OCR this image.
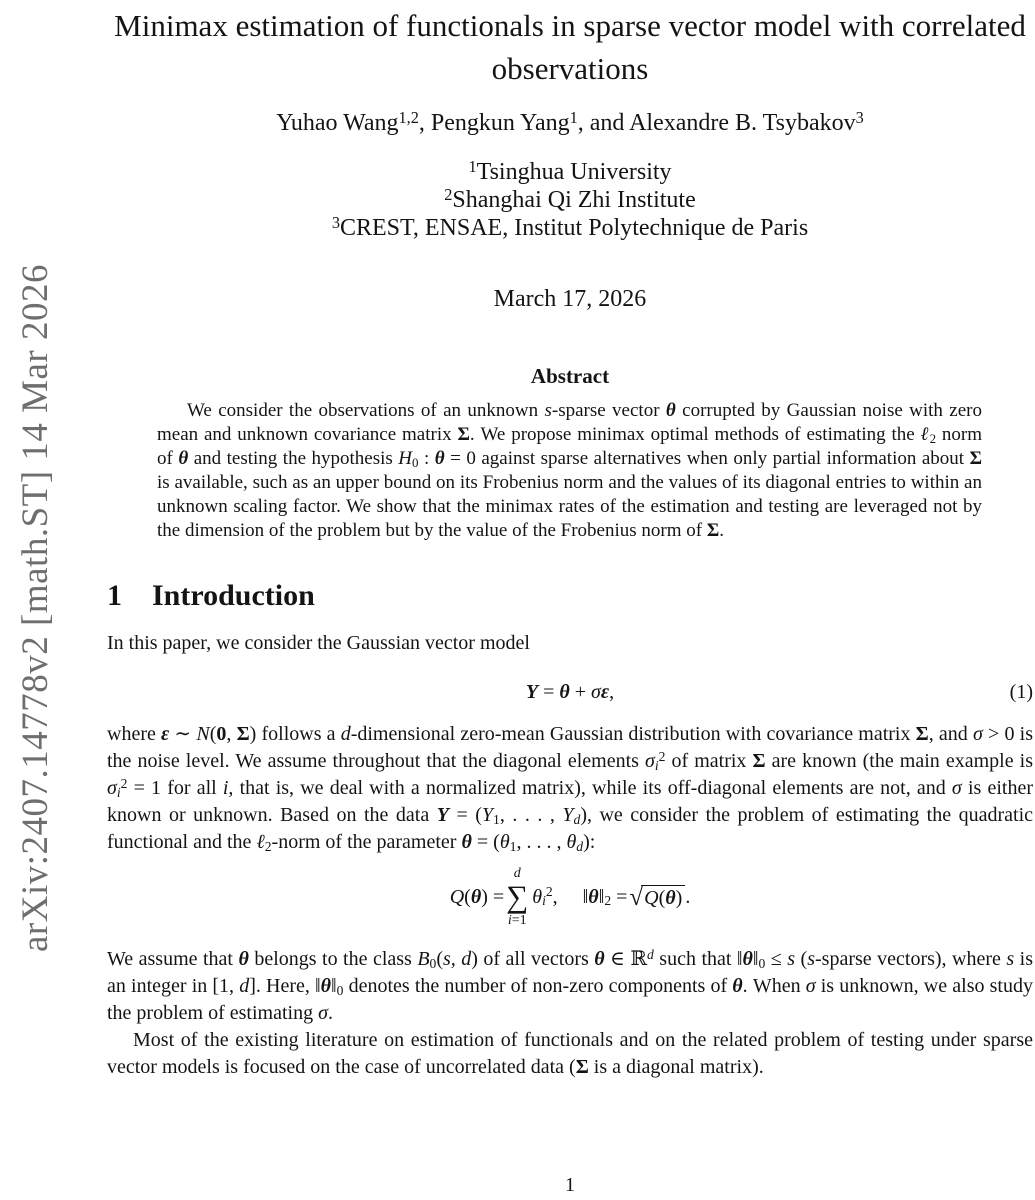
arXiv:2407.14778v2 [math.ST] 14 Mar 2026
Minimax estimation of functionals in sparse vector model with correlated observations
Yuhao Wang$^{1,2}$, Pengkun Yang$^1$, and Alexandre B. Tsybakov$^3$
$^1$Tsinghua University
$^2$Shanghai Qi Zhi Institute
$^3$CREST, ENSAE, Institut Polytechnique de Paris
March 17, 2026
Abstract

We consider the observations of an unknown s-sparse vector θ corrupted by Gaussian noise with zero mean and unknown covariance matrix Σ. We propose minimax optimal methods of estimating the ℓ2 norm of θ and testing the hypothesis H0 : θ = 0 against sparse alternatives when only partial information about Σ is available, such as an upper bound on its Frobenius norm and the values of its diagonal entries to within an unknown scaling factor. We show that the minimax rates of the estimation and testing are leveraged not by the dimension of the problem but by the value of the Frobenius norm of Σ.

1	Introduction

In this paper, we consider the Gaussian vector model

Y = θ + σε,	(1)

where ε ∼ N(0, Σ) follows a d-dimensional zero-mean Gaussian distribution with covariance matrix Σ, and σ > 0 is the noise level. We assume throughout that the diagonal elements $\sigma i^2$ of matrix Σ are known (the main example is $\sigma i^2 = 1$ for all i, that is, we deal with a normalized matrix), while its off-diagonal elements are not, and σ is either known or unknown. Based on the data Y = (Y1, . . . , Yd), we consider the problem of estimating the quadratic functional and the ℓ2-norm of the parameter θ = (θ1, . . . , θd):

Q(θ) =
d
∑
i=1
$\theta i^2$,  ‖θ‖2 = √ Q(θ) .

We assume that θ belongs to the class B0(s, d) of all vectors θ ∈ ℝ$^d$ such that ‖θ‖0 ≤ s (s-sparse vectors), where s is an integer in [1, d]. Here, ‖θ‖0 denotes the number of non-zero components of θ. When σ is unknown, we also study the problem of estimating σ.

Most of the existing literature on estimation of functionals and on the related problem of testing under sparse vector models is focused on the case of uncorrelated data (Σ is a diagonal matrix).

1
